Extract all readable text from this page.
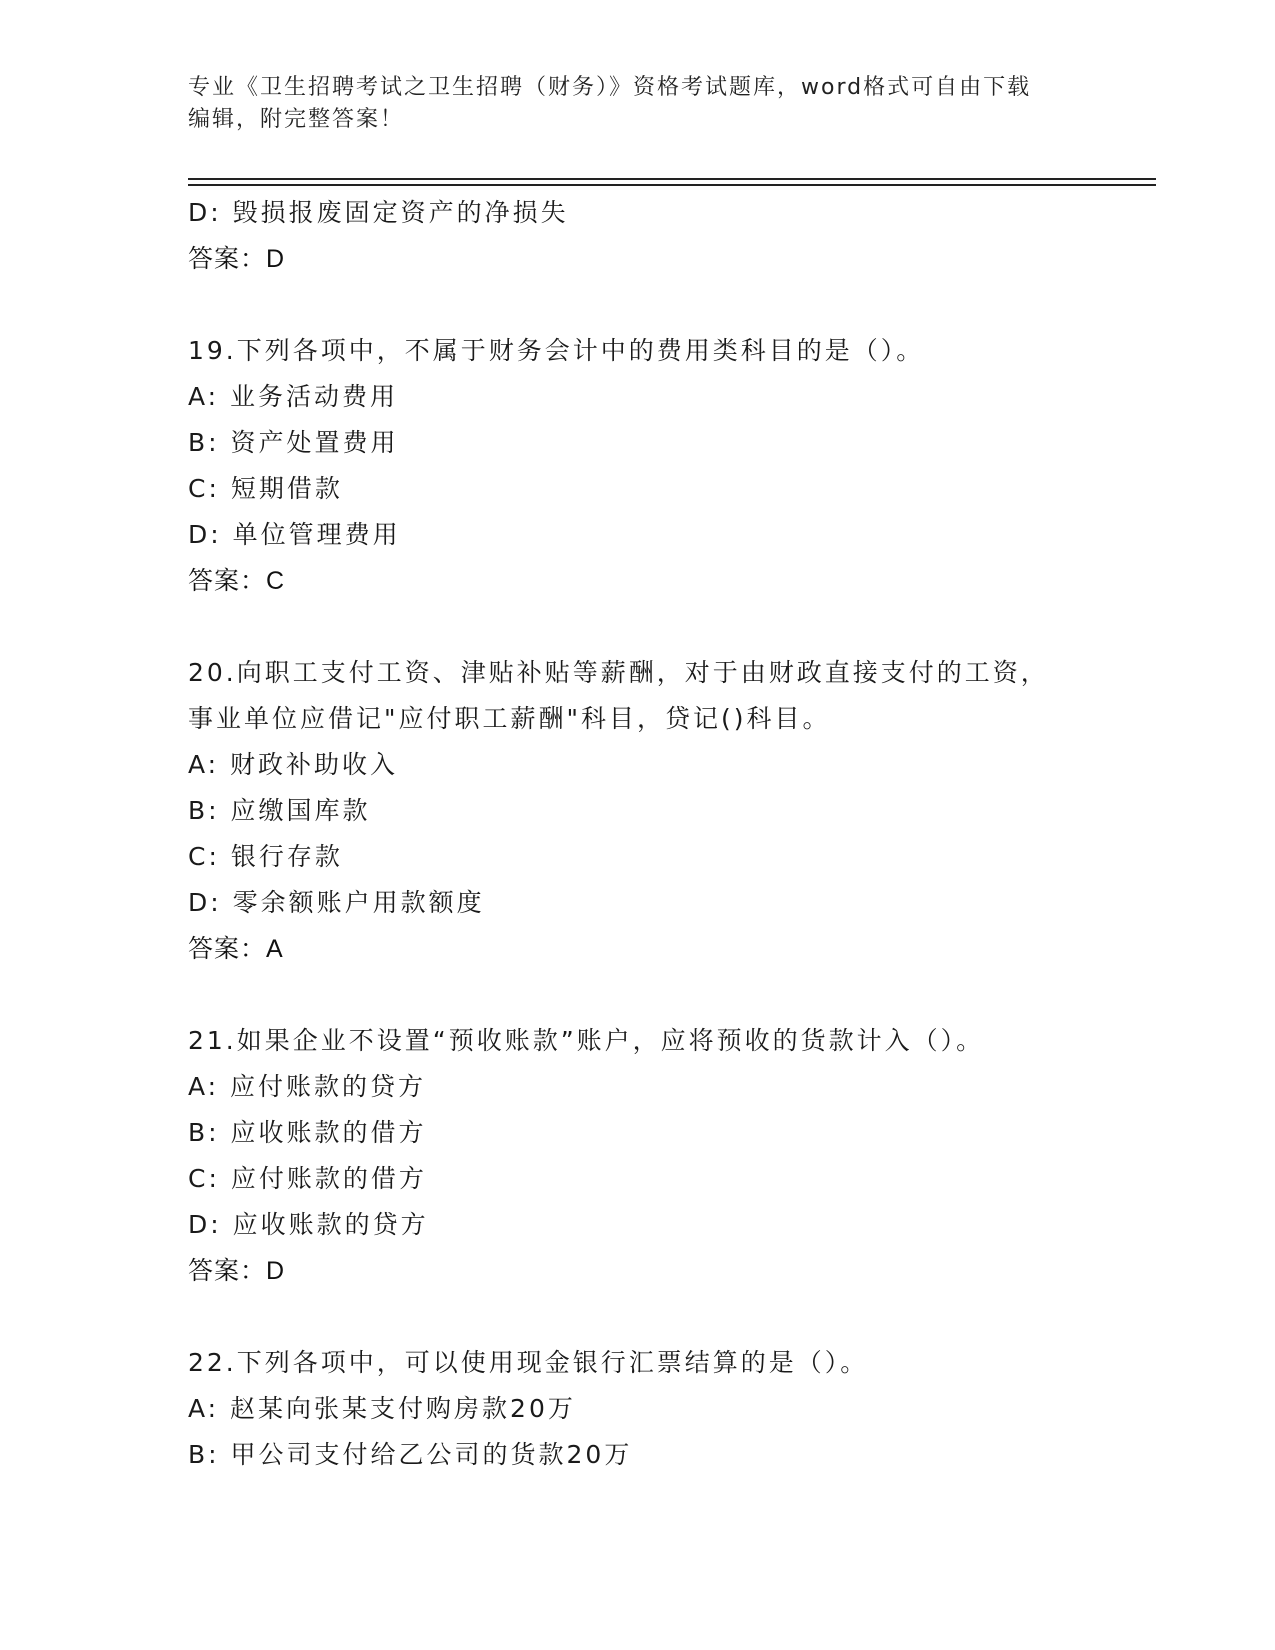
专业《卫生招聘考试之卫生招聘（财务）》资格考试题库，word格式可自由下载
编辑，附完整答案！
D: 毁损报废固定资产的净损失
答案：D
19.下列各项中，不属于财务会计中的费用类科目的是（）。
A: 业务活动费用
B: 资产处置费用
C: 短期借款
D: 单位管理费用
答案：C
20.向职工支付工资、津贴补贴等薪酬，对于由财政直接支付的工资，
事业单位应借记"应付职工薪酬"科目，贷记()科目。
A: 财政补助收入
B: 应缴国库款
C: 银行存款
D: 零余额账户用款额度
答案：A
21.如果企业不设置“预收账款”账户，应将预收的货款计入（）。
A: 应付账款的贷方
B: 应收账款的借方
C: 应付账款的借方
D: 应收账款的贷方
答案：D
22.下列各项中，可以使用现金银行汇票结算的是（）。
A: 赵某向张某支付购房款20万
B: 甲公司支付给乙公司的货款20万
